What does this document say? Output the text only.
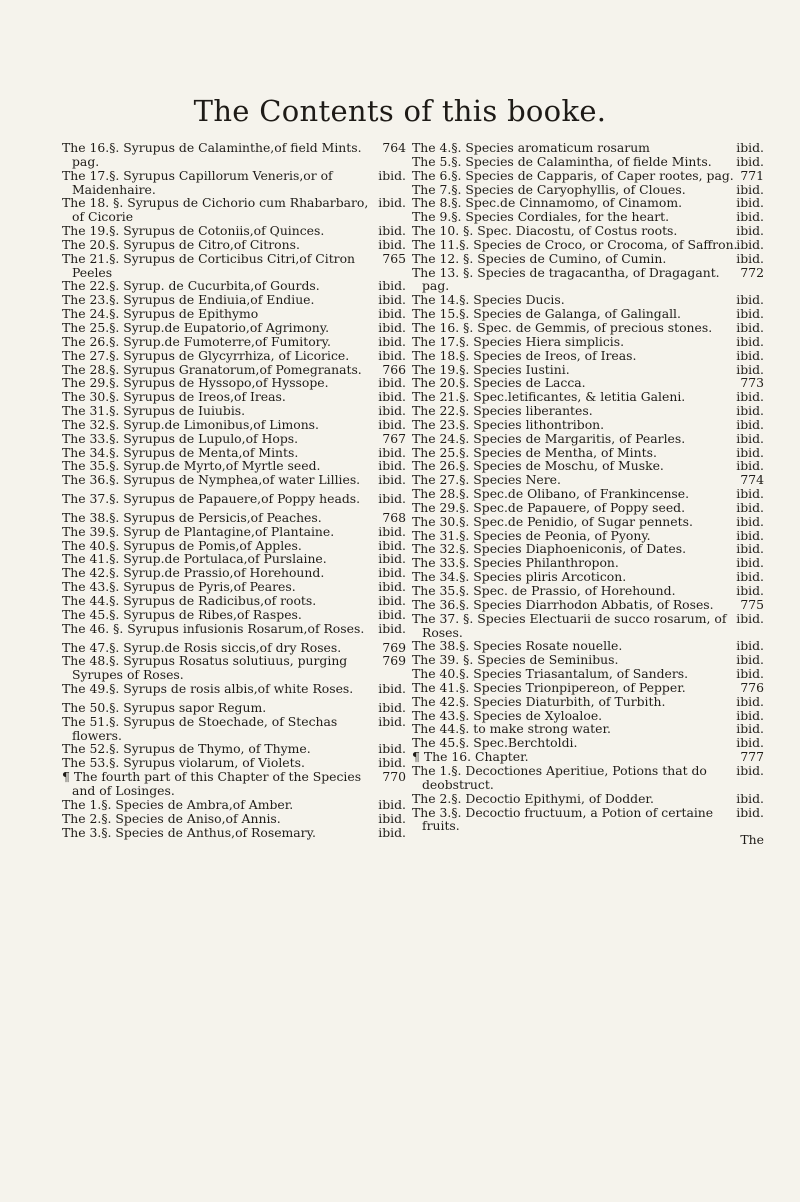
The Contents of this booke.

764
The 16.§. Syrupus de Calaminthe,of field Mints. pag.

ibid.
The 17.§. Syrupus Capillorum Veneris,or of Maidenhaire.

ibid.
The 18. §. Syrupus de Cichorio cum Rhabarbaro, of Cicorie

ibid.
The 19.§. Syrupus de Cotoniis,of Quinces.

ibid.
The 20.§. Syrupus de Citro,of Citrons.

765
The 21.§. Syrupus de Corticibus Citri,of Citron Peeles

ibid.
The 22.§. Syrup. de Cucurbita,of Gourds.

ibid.
The 23.§. Syrupus de Endiuia,of Endiue.

ibid.
The 24.§. Syrupus de Epithymo

ibid.
The 25.§. Syrup.de Eupatorio,of Agrimony.

ibid.
The 26.§. Syrup.de Fumoterre,of Fumitory.

ibid.
The 27.§. Syrupus de Glycyrrhiza, of Licorice.

766
The 28.§. Syrupus Granatorum,of Pomegranats.

ibid.
The 29.§. Syrupus de Hyssopo,of Hyssope.

ibid.
The 30.§. Syrupus de Ireos,of Ireas.

ibid.
The 31.§. Syrupus de Iuiubis.

ibid.
The 32.§. Syrup.de Limonibus,of Limons.

767
The 33.§. Syrupus de Lupulo,of Hops.

ibid.
The 34.§. Syrupus de Menta,of Mints.

ibid.
The 35.§. Syrup.de Myrto,of Myrtle seed.

ibid.
The 36.§. Syrupus de Nymphea,of water Lillies.

ibid.
The 37.§. Syrupus de Papauere,of Poppy heads.

768
The 38.§. Syrupus de Persicis,of Peaches.

ibid.
The 39.§. Syrup de Plantagine,of Plantaine.

ibid.
The 40.§. Syrupus de Pomis,of Apples.

ibid.
The 41.§. Syrup.de Portulaca,of Purslaine.

ibid.
The 42.§. Syrup.de Prassio,of Horehound.

ibid.
The 43.§. Syrupus de Pyris,of Peares.

ibid.
The 44.§. Syrupus de Radicibus,of roots.

ibid.
The 45.§. Syrupus de Ribes,of Raspes.

ibid.
The 46. §. Syrupus infusionis Rosarum,of Roses.

769
The 47.§. Syrup.de Rosis siccis,of dry Roses.

769
The 48.§. Syrupus Rosatus solutiuus, purging Syrupes of Roses.

ibid.
The 49.§. Syrups de rosis albis,of white Roses.

ibid.
The 50.§. Syrupus sapor Regum.

ibid.
The 51.§. Syrupus de Stoechade, of Stechas flowers.

ibid.
The 52.§. Syrupus de Thymo, of Thyme.

ibid.
The 53.§. Syrupus violarum, of Violets.

770
¶ The fourth part of this Chapter of the Species and of Losinges.

ibid.
The 1.§. Species de Ambra,of Amber.

ibid.
The 2.§. Species de Aniso,of Annis.

ibid.
The 3.§. Species de Anthus,of Rosemary.

ibid.
The 4.§. Species aromaticum rosarum

ibid.
The 5.§. Species de Calamintha, of fielde Mints.

771
The 6.§. Species de Capparis, of Caper rootes, pag.

ibid.
The 7.§. Species de Caryophyllis, of Cloues.

ibid.
The 8.§. Spec.de Cinnamomo, of Cinamom.

ibid.
The 9.§. Species Cordiales, for the heart.

ibid.
The 10. §. Spec. Diacostu, of Costus roots.

ibid.
The 11.§. Species de Croco, or Crocoma, of Saffron.

ibid.
The 12. §. Species de Cumino, of Cumin.

772
The 13. §. Species de tragacantha, of Dragagant. pag.

ibid.
The 14.§. Species Ducis.

ibid.
The 15.§. Species de Galanga, of Galingall.

ibid.
The 16. §. Spec. de Gemmis, of precious stones.

ibid.
The 17.§. Species Hiera simplicis.

ibid.
The 18.§. Species de Ireos, of Ireas.

ibid.
The 19.§. Species Iustini.

773
The 20.§. Species de Lacca.

ibid.
The 21.§. Spec.letificantes, & letitia Galeni.

ibid.
The 22.§. Species liberantes.

ibid.
The 23.§. Species lithontribon.

ibid.
The 24.§. Species de Margaritis, of Pearles.

ibid.
The 25.§. Species de Mentha, of Mints.

ibid.
The 26.§. Species de Moschu, of Muske.

774
The 27.§. Species Nere.

ibid.
The 28.§. Spec.de Olibano, of Frankincense.

ibid.
The 29.§. Spec.de Papauere, of Poppy seed.

ibid.
The 30.§. Spec.de Penidio, of Sugar pennets.

ibid.
The 31.§. Species de Peonia, of Pyony.

ibid.
The 32.§. Species Diaphoeniconis, of Dates.

ibid.
The 33.§. Species Philanthropon.

ibid.
The 34.§. Species pliris Arcoticon.

ibid.
The 35.§. Spec. de Prassio, of Horehound.

775
The 36.§. Species Diarrhodon Abbatis, of Roses.

ibid.
The 37. §. Species Electuarii de succo rosarum, of Roses.

ibid.
The 38.§. Species Rosate nouelle.

ibid.
The 39. §. Species de Seminibus.

ibid.
The 40.§. Species Triasantalum, of Sanders.

776
The 41.§. Species Trionpipereon, of Pepper.

ibid.
The 42.§. Species Diaturbith, of Turbith.

ibid.
The 43.§. Species de Xyloaloe.

ibid.
The 44.§. to make strong water.

ibid.
The 45.§. Spec.Berchtoldi.

777
¶ The 16. Chapter.

ibid.
The 1.§. Decoctiones Aperitiue, Potions that do deobstruct.

ibid.
The 2.§. Decoctio Epithymi, of Dodder.

ibid.
The 3.§. Decoctio fructuum, a Potion of certaine fruits.

The
